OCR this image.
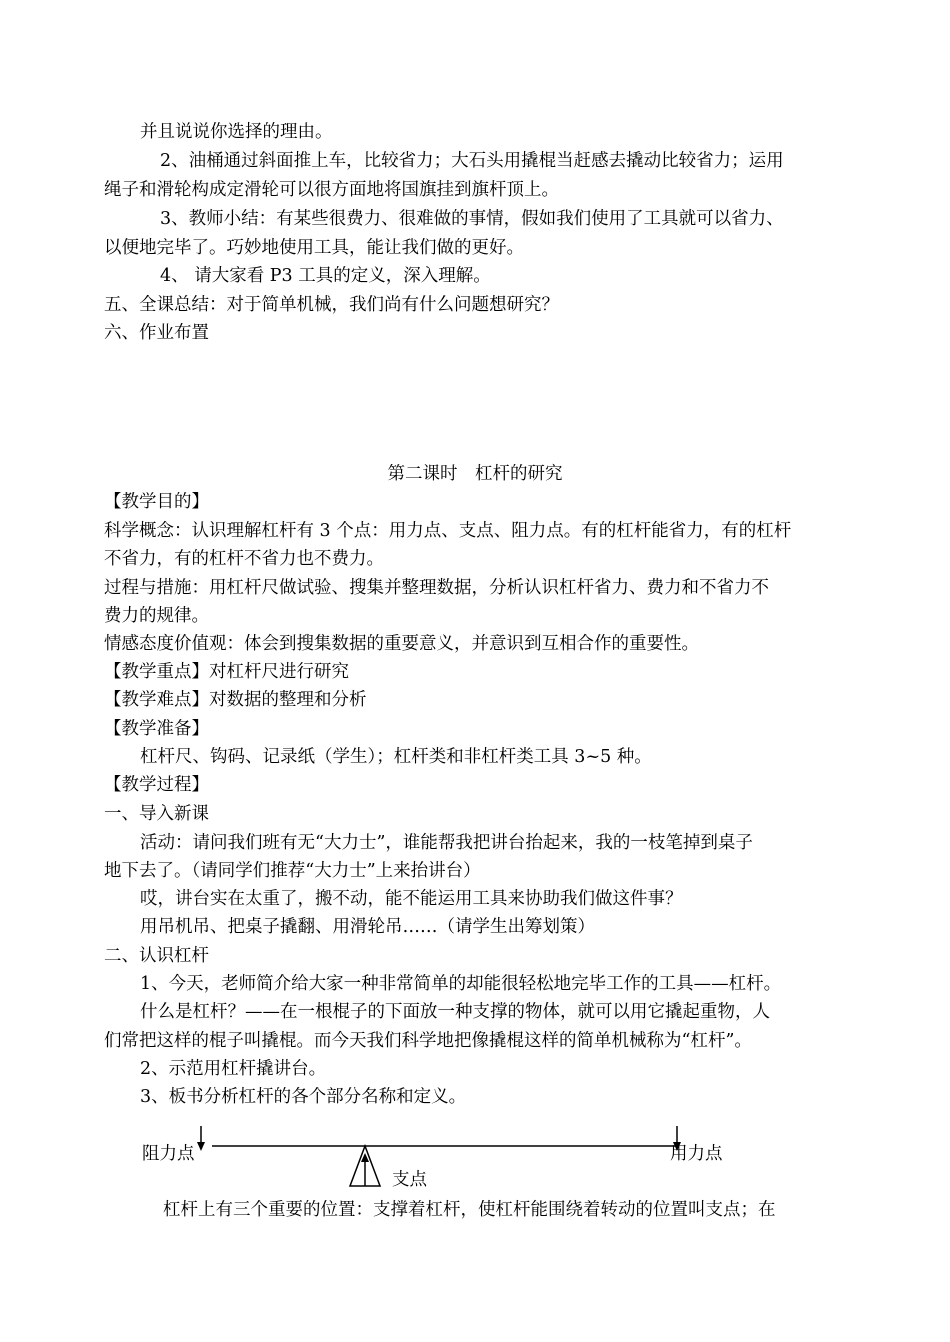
并且说说你选择的理由。
2、油桶通过斜面推上车，比较省力；大石头用撬棍当赶感去撬动比较省力；运用
绳子和滑轮构成定滑轮可以很方面地将国旗挂到旗杆顶上。
3、教师小结：有某些很费力、很难做的事情，假如我们使用了工具就可以省力、
以便地完毕了。巧妙地使用工具，能让我们做的更好。
4、 请大家看 P3 工具的定义，深入理解。
五、全课总结：对于简单机械，我们尚有什么问题想研究？
六、作业布置
第二课时　杠杆的研究
【教学目的】
科学概念：认识理解杠杆有 3 个点：用力点、支点、阻力点。有的杠杆能省力，有的杠杆
不省力，有的杠杆不省力也不费力。
过程与措施：用杠杆尺做试验、搜集并整理数据，分析认识杠杆省力、费力和不省力不
费力的规律。
情感态度价值观：体会到搜集数据的重要意义，并意识到互相合作的重要性。
【教学重点】对杠杆尺进行研究
【教学难点】对数据的整理和分析
【教学准备】
杠杆尺、钩码、记录纸（学生）；杠杆类和非杠杆类工具 3~5 种。
【教学过程】
一、导入新课
活动：请问我们班有无“大力士”，谁能帮我把讲台抬起来，我的一枝笔掉到桌子
地下去了。（请同学们推荐“大力士”上来抬讲台）
哎，讲台实在太重了，搬不动，能不能运用工具来协助我们做这件事？
用吊机吊、把桌子撬翻、用滑轮吊……（请学生出筹划策）
二、认识杠杆
1、今天，老师简介给大家一种非常简单的却能很轻松地完毕工作的工具——杠杆。
什么是杠杆？——在一根棍子的下面放一种支撑的物体，就可以用它撬起重物，人
们常把这样的棍子叫撬棍。而今天我们科学地把像撬棍这样的简单机械称为“杠杆”。
2、示范用杠杆撬讲台。
3、板书分析杠杆的各个部分名称和定义。
阻力点	用力点
支点
杠杆上有三个重要的位置：支撑着杠杆，使杠杆能围绕着转动的位置叫支点；在
